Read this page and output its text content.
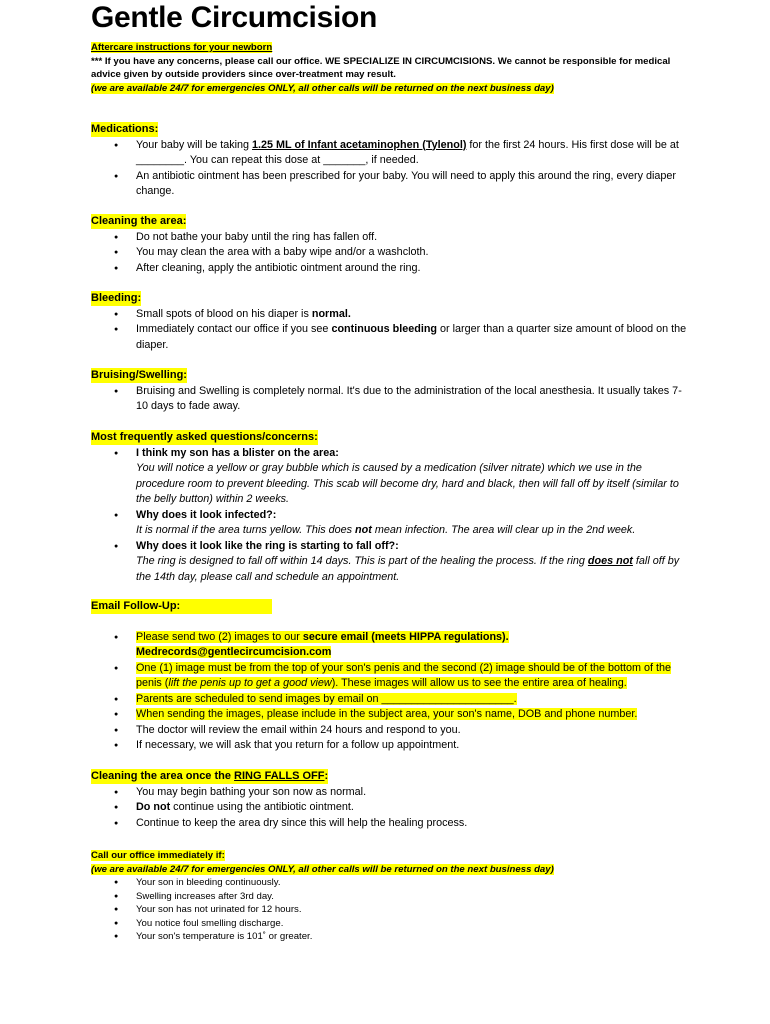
Gentle Circumcision
Aftercare instructions for your newborn
*** If you have any concerns, please call our office. WE SPECIALIZE IN CIRCUMCISIONS. We cannot be responsible for medical advice given by outside providers since over-treatment may result.
(we are available 24/7 for emergencies ONLY, all other calls will be returned on the next business day)
Medications:
● Your baby will be taking 1.25 ML of Infant acetaminophen (Tylenol) for the first 24 hours. His first dose will be at ________. You can repeat this dose at _______, if needed.
● An antibiotic ointment has been prescribed for your baby. You will need to apply this around the ring, every diaper change.
Cleaning the area:
● Do not bathe your baby until the ring has fallen off.
● You may clean the area with a baby wipe and/or a washcloth.
● After cleaning, apply the antibiotic ointment around the ring.
Bleeding:
● Small spots of blood on his diaper is normal.
● Immediately contact our office if you see continuous bleeding or larger than a quarter size amount of blood on the diaper.
Bruising/Swelling:
● Bruising and Swelling is completely normal. It's due to the administration of the local anesthesia. It usually takes 7-10 days to fade away.
Most frequently asked questions/concerns:
● I think my son has a blister on the area:
You will notice a yellow or gray bubble which is caused by a medication (silver nitrate) which we use in the procedure room to prevent bleeding. This scab will become dry, hard and black, then will fall off by itself (similar to the belly button) within 2 weeks.
● Why does it look infected?:
It is normal if the area turns yellow. This does not mean infection. The area will clear up in the 2nd week.
● Why does it look like the ring is starting to fall off?:
The ring is designed to fall off within 14 days. This is part of the healing the process. If the ring does not fall off by the 14th day, please call and schedule an appointment.
Email Follow-Up:
● Please send two (2) images to our secure email (meets HIPPA regulations).
Medrecords@gentlecircumcision.com
● One (1) image must be from the top of your son's penis and the second (2) image should be of the bottom of the penis (lift the penis up to get a good view). These images will allow us to see the entire area of healing.
● Parents are scheduled to send images by email on ______________________.
● When sending the images, please include in the subject area, your son's name, DOB and phone number.
● The doctor will review the email within 24 hours and respond to you.
● If necessary, we will ask that you return for a follow up appointment.
Cleaning the area once the RING FALLS OFF:
● You may begin bathing your son now as normal.
● Do not continue using the antibiotic ointment.
● Continue to keep the area dry since this will help the healing process.
Call our office immediately if:
(we are available 24/7 for emergencies ONLY, all other calls will be returned on the next business day)
● Your son in bleeding continuously.
● Swelling increases after 3rd day.
● Your son has not urinated for 12 hours.
● You notice foul smelling discharge.
● Your son's temperature is 101˚ or greater.
